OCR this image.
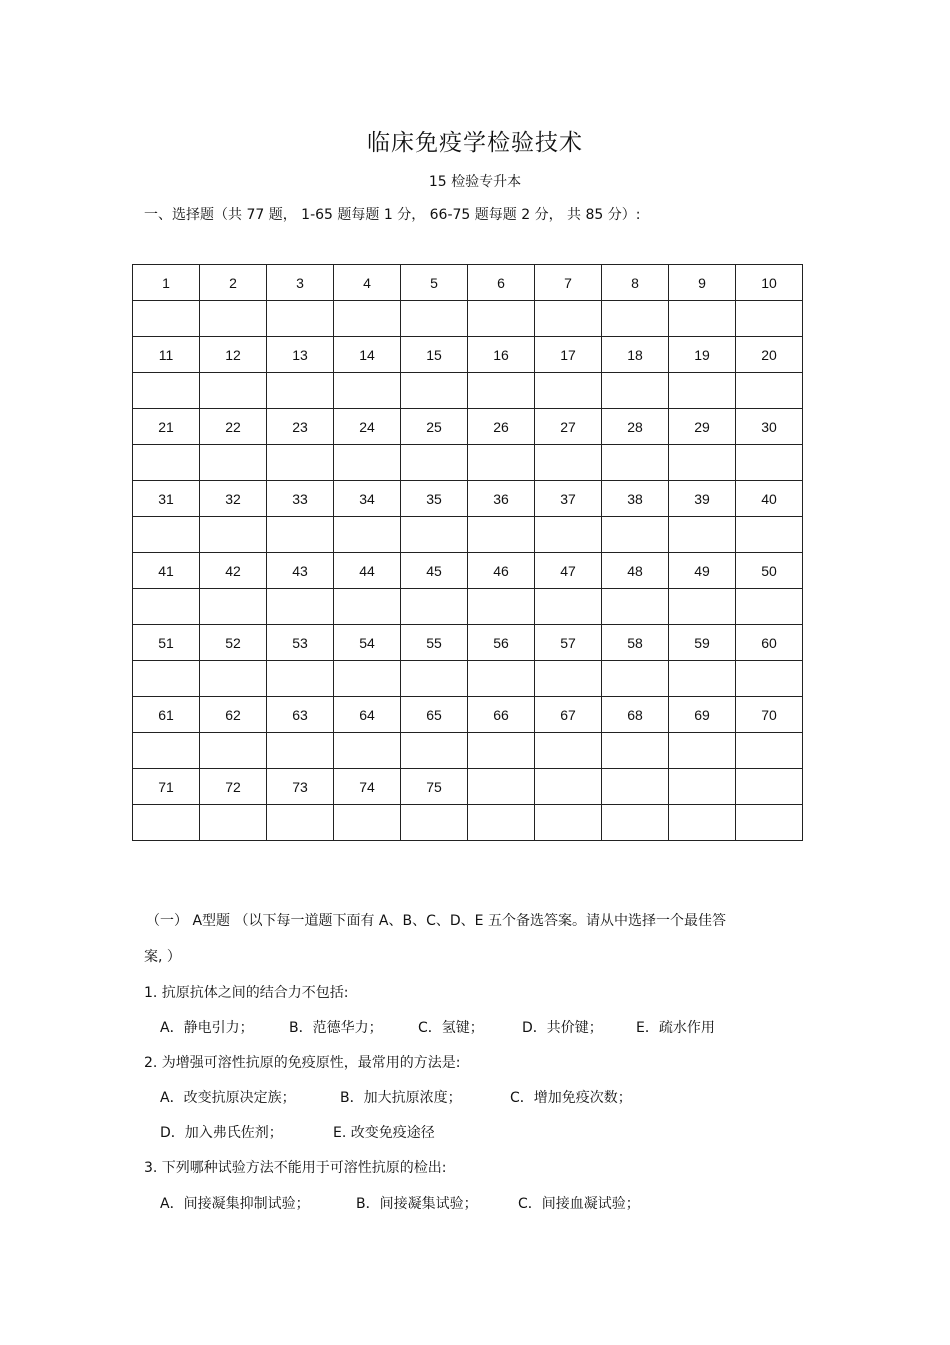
临床免疫学检验技术
15 检验专升本
一、选择题（共 77 题， 1-65 题每题 1 分， 66-75 题每题 2 分， 共 85 分）:
1	2	3	4	5	6	7	8	9	10

11	12	13	14	15	16	17	18	19	20

21	22	23	24	25	26	27	28	29	30

31	32	33	34	35	36	37	38	39	40

41	42	43	44	45	46	47	48	49	50

51	52	53	54	55	56	57	58	59	60

61	62	63	64	65	66	67	68	69	70

71	72	73	74	75					

（一） A型题 （以下每一道题下面有 A、B、C、D、E 五个备选答案。请从中选择一个最佳答
案, ）
1. 抗原抗体之间的结合力不包括:
A．静电引力；	B．范德华力；	C．氢键；	D．共价键； E．疏水作用
2. 为增强可溶性抗原的免疫原性，最常用的方法是:
A．改变抗原决定族；	B．加大抗原浓度；	C．增加免疫次数；
D．加入弗氏佐剂；	E. 改变免疫途径
3. 下列哪种试验方法不能用于可溶性抗原的检出:
A．间接凝集抑制试验；	B．间接凝集试验；	C．间接血凝试验；
